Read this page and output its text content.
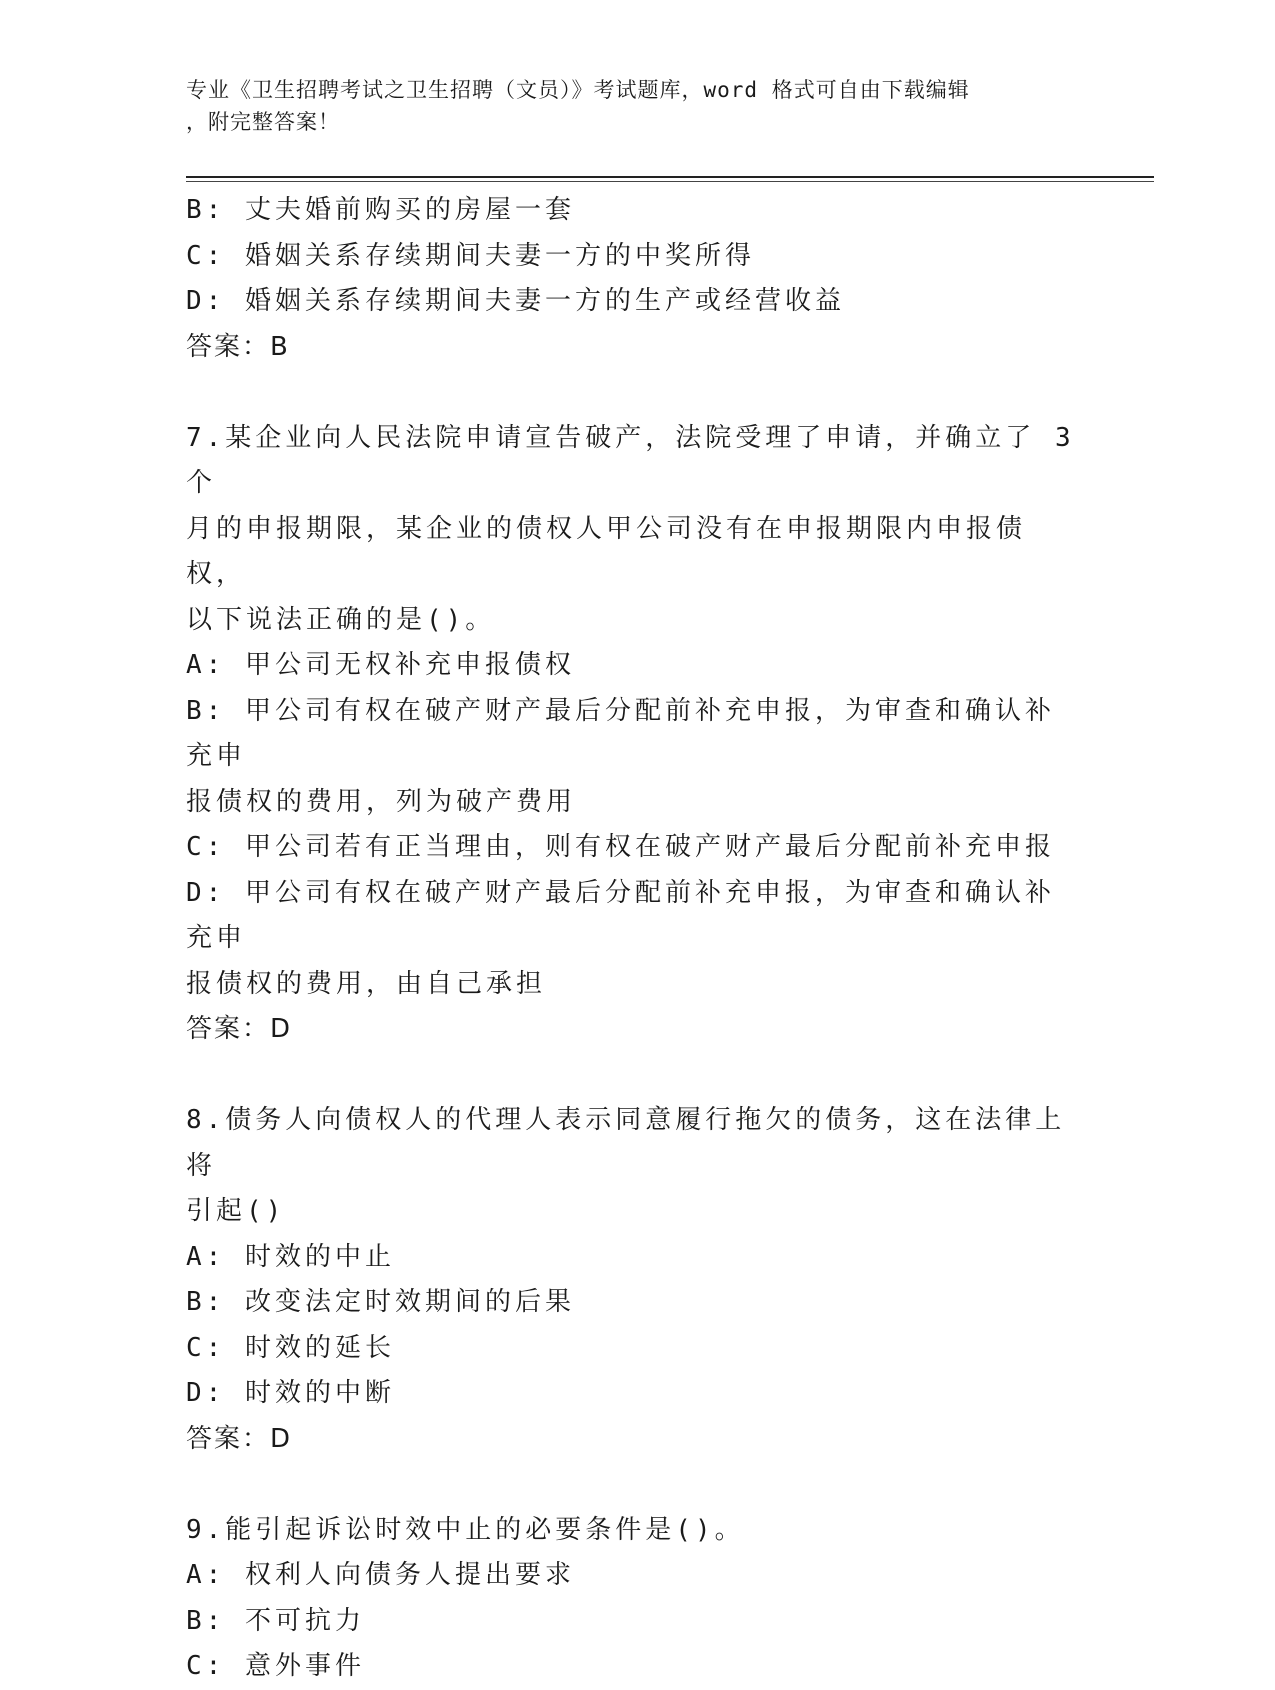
专业《卫生招聘考试之卫生招聘（文员）》考试题库，word 格式可自由下载编辑
，附完整答案！

B: 丈夫婚前购买的房屋一套

C: 婚姻关系存续期间夫妻一方的中奖所得

D: 婚姻关系存续期间夫妻一方的生产或经营收益

答案：B

7.某企业向人民法院申请宣告破产，法院受理了申请，并确立了 3 个

月的申报期限，某企业的债权人甲公司没有在申报期限内申报债权，

以下说法正确的是()。

A: 甲公司无权补充申报债权

B: 甲公司有权在破产财产最后分配前补充申报，为审查和确认补充申

报债权的费用，列为破产费用

C: 甲公司若有正当理由，则有权在破产财产最后分配前补充申报

D: 甲公司有权在破产财产最后分配前补充申报，为审查和确认补充申

报债权的费用，由自己承担

答案：D

8.债务人向债权人的代理人表示同意履行拖欠的债务，这在法律上将

引起()

A: 时效的中止

B: 改变法定时效期间的后果

C: 时效的延长

D: 时效的中断

答案：D

9.能引起诉讼时效中止的必要条件是()。

A: 权利人向债务人提出要求

B: 不可抗力

C: 意外事件
